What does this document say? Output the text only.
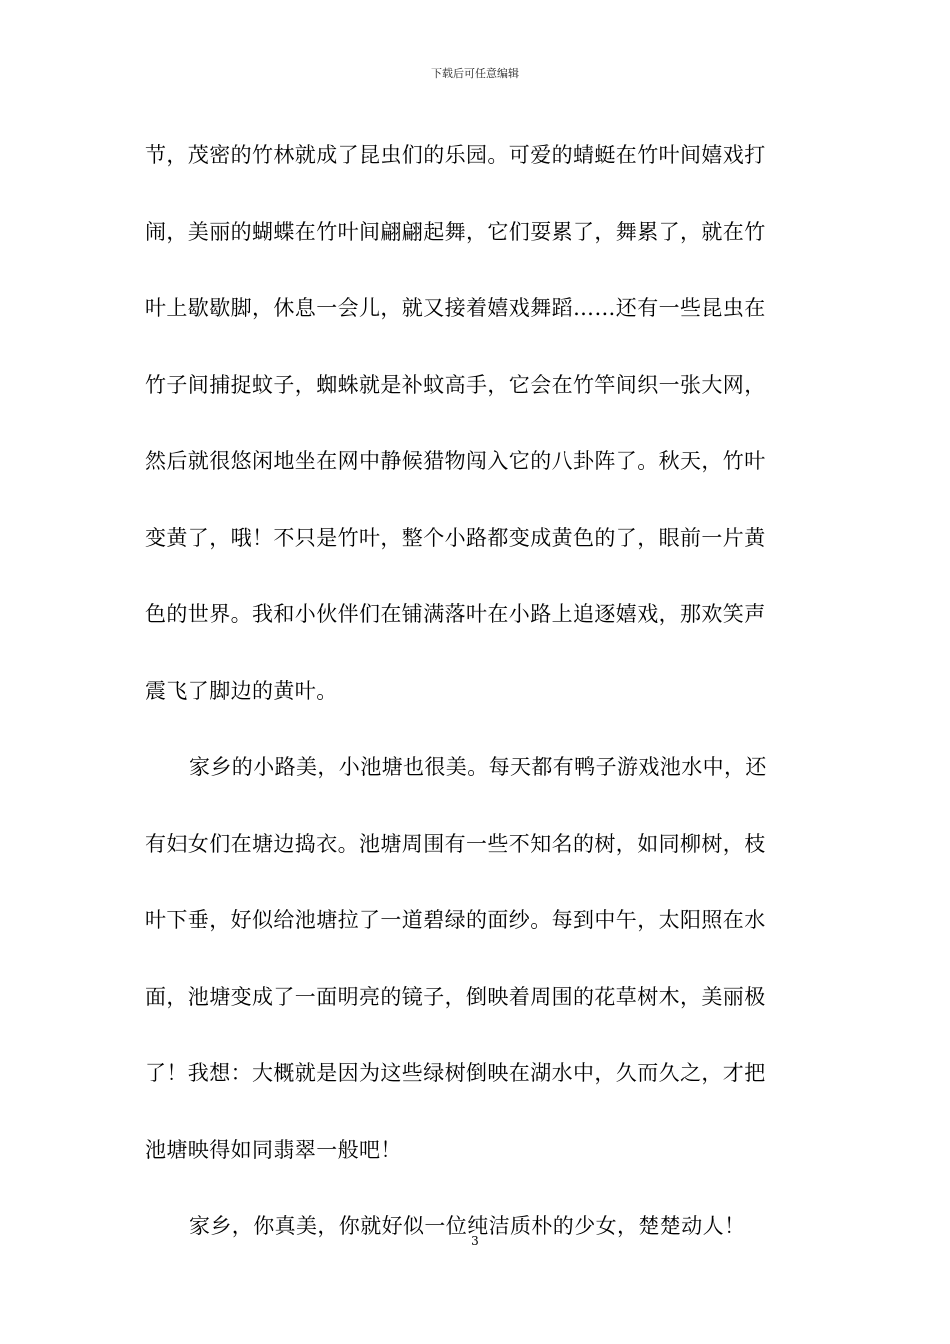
下载后可任意编辑
节，茂密的竹林就成了昆虫们的乐园。可爱的蜻蜓在竹叶间嬉戏打
闹，美丽的蝴蝶在竹叶间翩翩起舞，它们耍累了，舞累了，就在竹
叶上歇歇脚，休息一会儿，就又接着嬉戏舞蹈……还有一些昆虫在
竹子间捕捉蚊子，蜘蛛就是补蚊高手，它会在竹竿间织一张大网，
然后就很悠闲地坐在网中静候猎物闯入它的八卦阵了。秋天，竹叶
变黄了，哦！不只是竹叶，整个小路都变成黄色的了，眼前一片黄
色的世界。我和小伙伴们在铺满落叶在小路上追逐嬉戏，那欢笑声
震飞了脚边的黄叶。
家乡的小路美，小池塘也很美。每天都有鸭子游戏池水中，还
有妇女们在塘边捣衣。池塘周围有一些不知名的树，如同柳树，枝
叶下垂，好似给池塘拉了一道碧绿的面纱。每到中午，太阳照在水
面，池塘变成了一面明亮的镜子，倒映着周围的花草树木，美丽极
了！我想：大概就是因为这些绿树倒映在湖水中，久而久之，才把
池塘映得如同翡翠一般吧！
家乡，你真美，你就好似一位纯洁质朴的少女，楚楚动人！
3
